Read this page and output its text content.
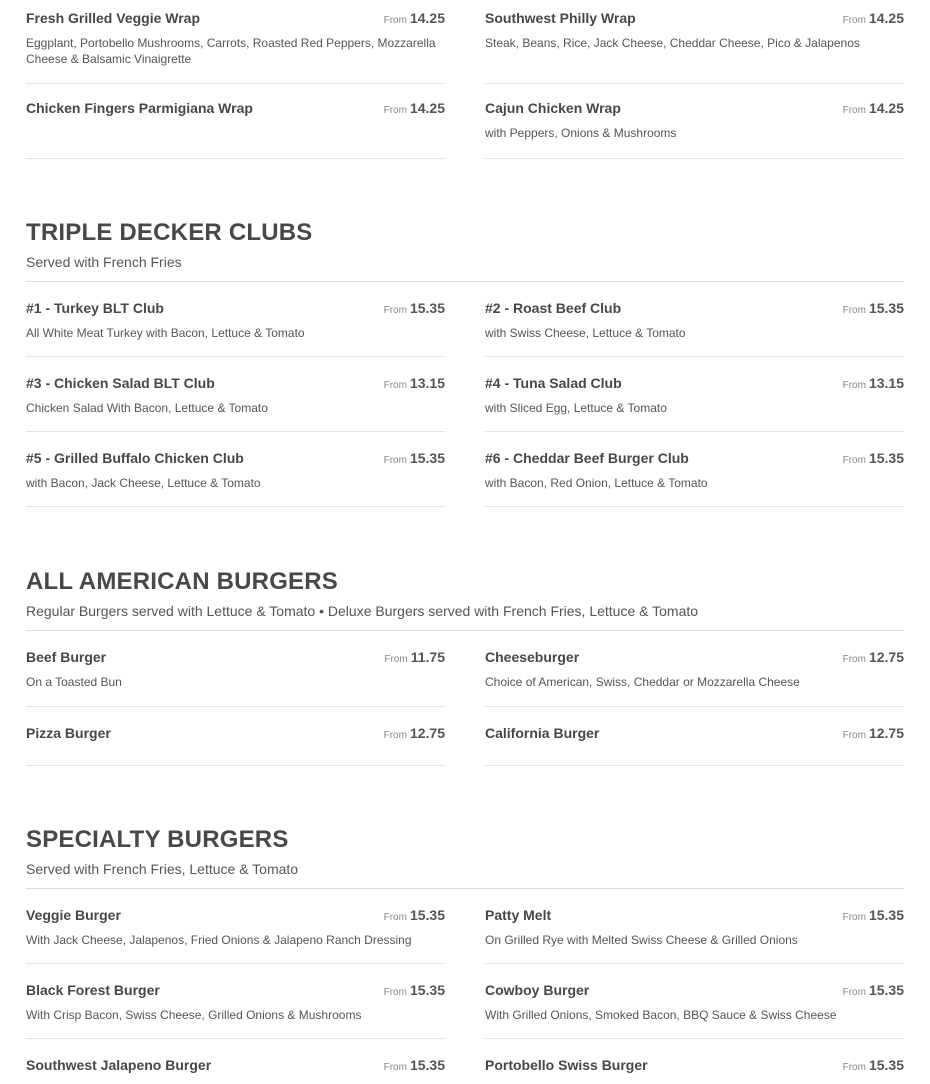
Fresh Grilled Veggie Wrap	From 14.25
Eggplant, Portobello Mushrooms, Carrots, Roasted Red Peppers, Mozzarella Cheese & Balsamic Vinaigrette
Chicken Fingers Parmigiana Wrap	From 14.25
Southwest Philly Wrap	From 14.25
Steak, Beans, Rice, Jack Cheese, Cheddar Cheese, Pico & Jalapenos
Cajun Chicken Wrap	From 14.25
with Peppers, Onions & Mushrooms
TRIPLE DECKER CLUBS
Served with French Fries
#1 - Turkey BLT Club	From 15.35
All White Meat Turkey with Bacon, Lettuce & Tomato
#3 - Chicken Salad BLT Club	From 13.15
Chicken Salad With Bacon, Lettuce & Tomato
#5 - Grilled Buffalo Chicken Club	From 15.35
with Bacon, Jack Cheese, Lettuce & Tomato
#2 - Roast Beef Club	From 15.35
with Swiss Cheese, Lettuce & Tomato
#4 - Tuna Salad Club	From 13.15
with Sliced Egg, Lettuce & Tomato
#6 - Cheddar Beef Burger Club	From 15.35
with Bacon, Red Onion, Lettuce & Tomato
ALL AMERICAN BURGERS
Regular Burgers served with Lettuce & Tomato • Deluxe Burgers served with French Fries, Lettuce & Tomato
Beef Burger	From 11.75
On a Toasted Bun
Pizza Burger	From 12.75
Cheeseburger	From 12.75
Choice of American, Swiss, Cheddar or Mozzarella Cheese
California Burger	From 12.75
SPECIALTY BURGERS
Served with French Fries, Lettuce & Tomato
Veggie Burger	From 15.35
With Jack Cheese, Jalapenos, Fried Onions & Jalapeno Ranch Dressing
Black Forest Burger	From 15.35
With Crisp Bacon, Swiss Cheese, Grilled Onions & Mushrooms
Southwest Jalapeno Burger	From 15.35
Patty Melt	From 15.35
On Grilled Rye with Melted Swiss Cheese & Grilled Onions
Cowboy Burger	From 15.35
With Grilled Onions, Smoked Bacon, BBQ Sauce & Swiss Cheese
Portobello Swiss Burger	From 15.35
